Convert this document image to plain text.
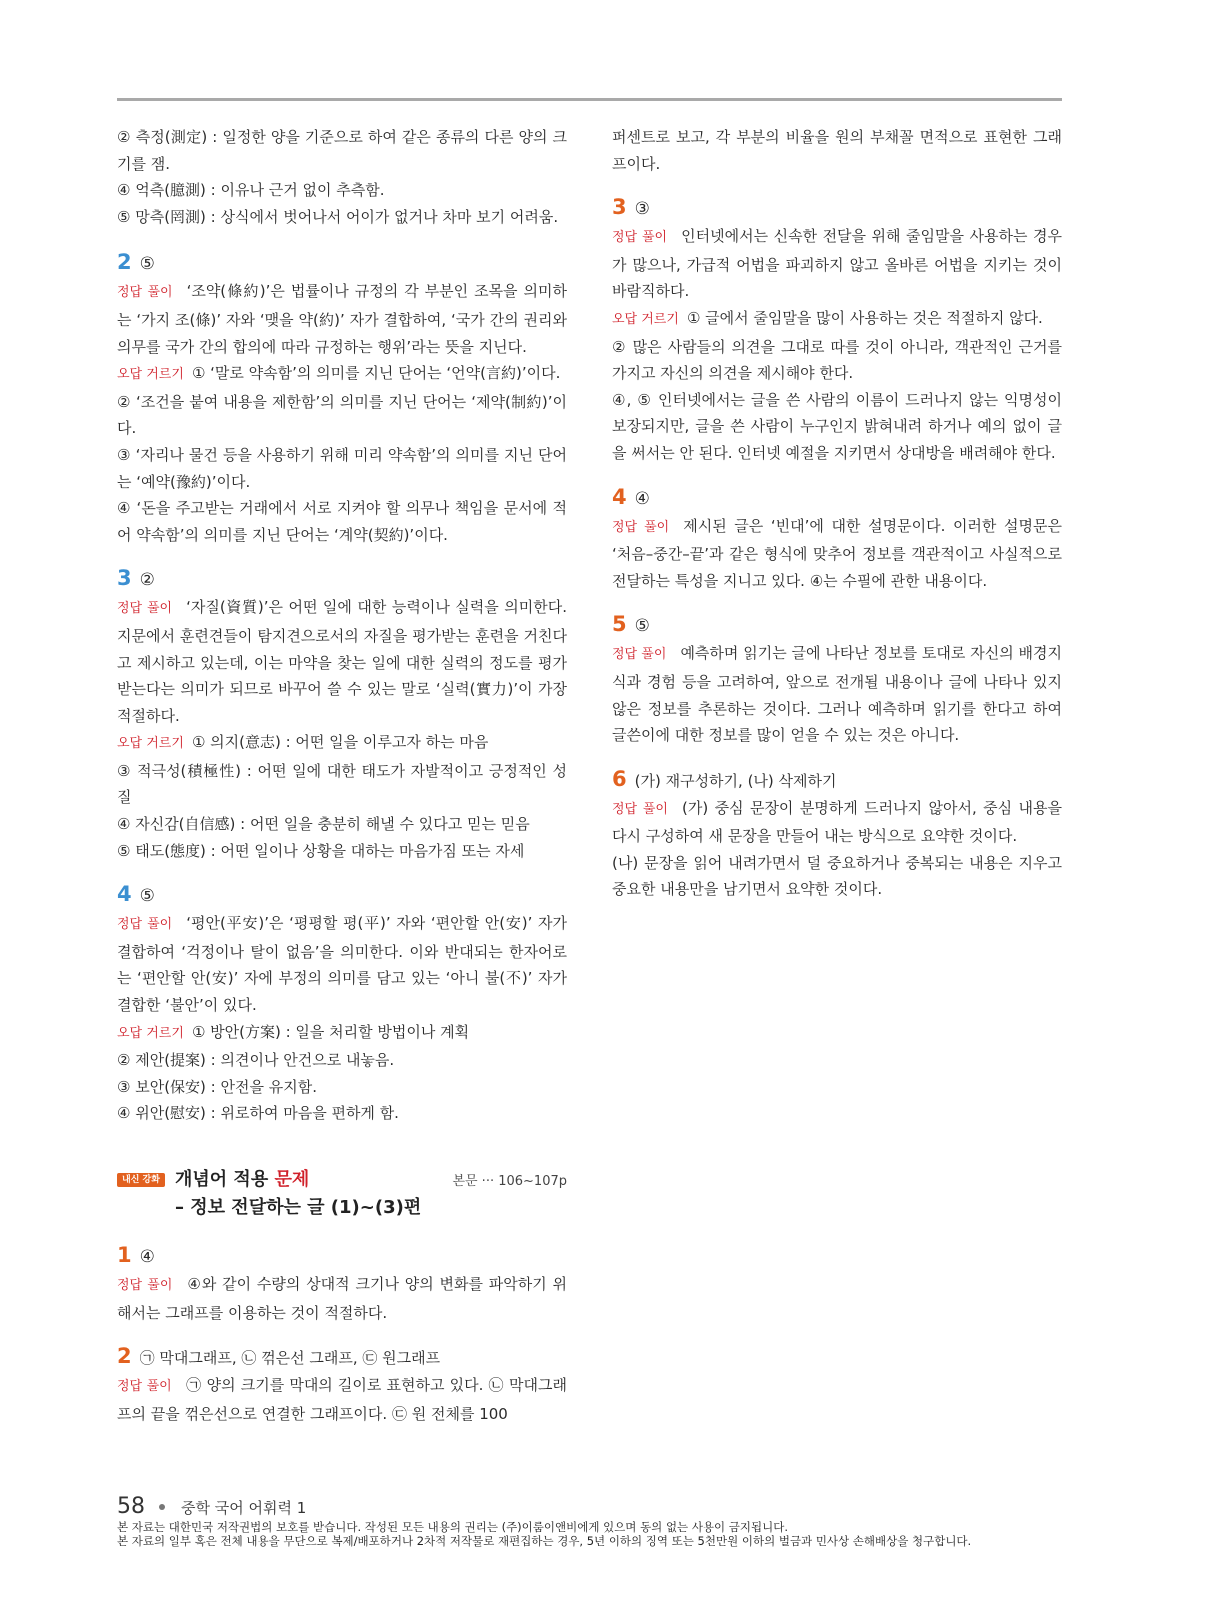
② 측정(測定) : 일정한 양을 기준으로 하여 같은 종류의 다른 양의 크기를 잼.

④ 억측(臆測) : 이유나 근거 없이 추측함.

⑤ 망측(罔測) : 상식에서 벗어나서 어이가 없거나 차마 보기 어려움.

2 ⑤

정답 풀이 ‘조약(條約)’은 법률이나 규정의 각 부분인 조목을 의미하는 ‘가지 조(條)’ 자와 ‘맺을 약(約)’ 자가 결합하여, ‘국가 간의 권리와 의무를 국가 간의 합의에 따라 규정하는 행위’라는 뜻을 지닌다.

오답 거르기 ① ‘말로 약속함’의 의미를 지닌 단어는 ‘언약(言約)’이다.

② ‘조건을 붙여 내용을 제한함’의 의미를 지닌 단어는 ‘제약(制約)’이다.

③ ‘자리나 물건 등을 사용하기 위해 미리 약속함’의 의미를 지닌 단어는 ‘예약(豫約)’이다.

④ ‘돈을 주고받는 거래에서 서로 지켜야 할 의무나 책임을 문서에 적어 약속함’의 의미를 지닌 단어는 ‘계약(契約)’이다.

3 ②

정답 풀이 ‘자질(資質)’은 어떤 일에 대한 능력이나 실력을 의미한다. 지문에서 훈련견들이 탐지견으로서의 자질을 평가받는 훈련을 거친다고 제시하고 있는데, 이는 마약을 찾는 일에 대한 실력의 정도를 평가받는다는 의미가 되므로 바꾸어 쓸 수 있는 말로 ‘실력(實力)’이 가장 적절하다.

오답 거르기 ① 의지(意志) : 어떤 일을 이루고자 하는 마음

③ 적극성(積極性) : 어떤 일에 대한 태도가 자발적이고 긍정적인 성질

④ 자신감(自信感) : 어떤 일을 충분히 해낼 수 있다고 믿는 믿음

⑤ 태도(態度) : 어떤 일이나 상황을 대하는 마음가짐 또는 자세

4 ⑤

정답 풀이 ‘평안(平安)’은 ‘평평할 평(平)’ 자와 ‘편안할 안(安)’ 자가 결합하여 ‘걱정이나 탈이 없음’을 의미한다. 이와 반대되는 한자어로는 ‘편안할 안(安)’ 자에 부정의 의미를 담고 있는 ‘아니 불(不)’ 자가 결합한 ‘불안’이 있다.

오답 거르기 ① 방안(方案) : 일을 처리할 방법이나 계획

② 제안(提案) : 의견이나 안건으로 내놓음.

③ 보안(保安) : 안전을 유지함.

④ 위안(慰安) : 위로하여 마음을 편하게 함.

내신 강화 개념어 적용 문제
– 정보 전달하는 글 (1)~(3)편
본문 ··· 106~107p
1 ④

정답 풀이 ④와 같이 수량의 상대적 크기나 양의 변화를 파악하기 위해서는 그래프를 이용하는 것이 적절하다.

2 ㉠ 막대그래프, ㉡ 꺾은선 그래프, ㉢ 원그래프

정답 풀이 ㉠ 양의 크기를 막대의 길이로 표현하고 있다. ㉡ 막대그래프의 끝을 꺾은선으로 연결한 그래프이다. ㉢ 원 전체를 100

퍼센트로 보고, 각 부분의 비율을 원의 부채꼴 면적으로 표현한 그래프이다.

3 ③

정답 풀이 인터넷에서는 신속한 전달을 위해 줄임말을 사용하는 경우가 많으나, 가급적 어법을 파괴하지 않고 올바른 어법을 지키는 것이 바람직하다.

오답 거르기 ① 글에서 줄임말을 많이 사용하는 것은 적절하지 않다.

② 많은 사람들의 의견을 그대로 따를 것이 아니라, 객관적인 근거를 가지고 자신의 의견을 제시해야 한다.

④, ⑤ 인터넷에서는 글을 쓴 사람의 이름이 드러나지 않는 익명성이 보장되지만, 글을 쓴 사람이 누구인지 밝혀내려 하거나 예의 없이 글을 써서는 안 된다. 인터넷 예절을 지키면서 상대방을 배려해야 한다.

4 ④

정답 풀이 제시된 글은 ‘빈대’에 대한 설명문이다. 이러한 설명문은 ‘처음–중간–끝’과 같은 형식에 맞추어 정보를 객관적이고 사실적으로 전달하는 특성을 지니고 있다. ④는 수필에 관한 내용이다.

5 ⑤

정답 풀이 예측하며 읽기는 글에 나타난 정보를 토대로 자신의 배경지식과 경험 등을 고려하여, 앞으로 전개될 내용이나 글에 나타나 있지 않은 정보를 추론하는 것이다. 그러나 예측하며 읽기를 한다고 하여 글쓴이에 대한 정보를 많이 얻을 수 있는 것은 아니다.

6 (가) 재구성하기, (나) 삭제하기

정답 풀이 (가) 중심 문장이 분명하게 드러나지 않아서, 중심 내용을 다시 구성하여 새 문장을 만들어 내는 방식으로 요약한 것이다.

(나) 문장을 읽어 내려가면서 덜 중요하거나 중복되는 내용은 지우고 중요한 내용만을 남기면서 요약한 것이다.

58 중학 국어 어휘력 1
본 자료는 대한민국 저작권법의 보호를 받습니다. 작성된 모든 내용의 권리는 (주)이룸이앤비에게 있으며 동의 없는 사용이 금지됩니다.
본 자료의 일부 혹은 전체 내용을 무단으로 복제/배포하거나 2차적 저작물로 재편집하는 경우, 5년 이하의 징역 또는 5천만원 이하의 벌금과 민사상 손해배상을 청구합니다.
